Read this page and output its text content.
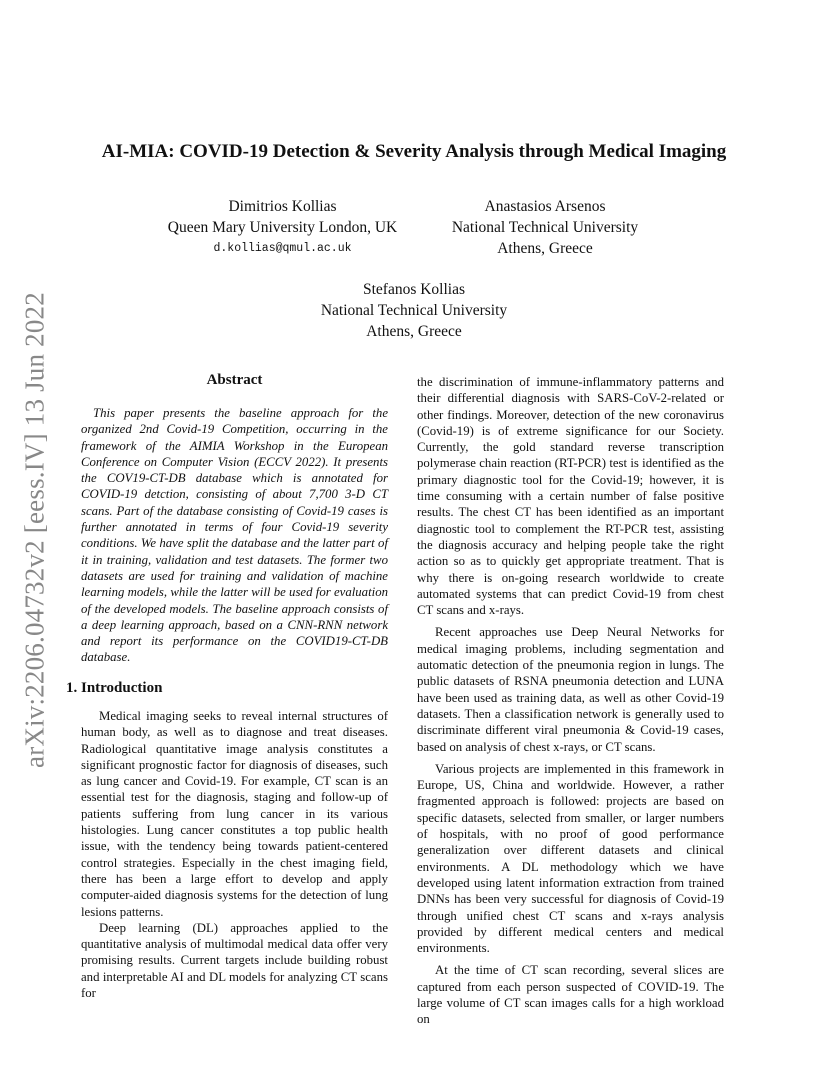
arXiv:2206.04732v2 [eess.IV] 13 Jun 2022
AI-MIA: COVID-19 Detection & Severity Analysis through Medical Imaging
Dimitrios Kollias
Queen Mary University London, UK
d.kollias@qmul.ac.uk
Anastasios Arsenos
National Technical University
Athens, Greece
Stefanos Kollias
National Technical University
Athens, Greece
Abstract

This paper presents the baseline approach for the organized 2nd Covid-19 Competition, occurring in the framework of the AIMIA Workshop in the European Conference on Computer Vision (ECCV 2022). It presents the COV19-CT-DB database which is annotated for COVID-19 detction, consisting of about 7,700 3-D CT scans. Part of the database consisting of Covid-19 cases is further annotated in terms of four Covid-19 severity conditions. We have split the database and the latter part of it in training, validation and test datasets. The former two datasets are used for training and validation of machine learning models, while the latter will be used for evaluation of the developed models. The baseline approach consists of a deep learning approach, based on a CNN-RNN network and report its performance on the COVID19-CT-DB database.

1. Introduction

Medical imaging seeks to reveal internal structures of human body, as well as to diagnose and treat diseases. Radiological quantitative image analysis constitutes a significant prognostic factor for diagnosis of diseases, such as lung cancer and Covid-19. For example, CT scan is an essential test for the diagnosis, staging and follow-up of patients suffering from lung cancer in its various histologies. Lung cancer constitutes a top public health issue, with the tendency being towards patient-centered control strategies. Especially in the chest imaging field, there has been a large effort to develop and apply computer-aided diagnosis systems for the detection of lung lesions patterns.

Deep learning (DL) approaches applied to the quantitative analysis of multimodal medical data offer very promising results. Current targets include building robust and interpretable AI and DL models for analyzing CT scans for

the discrimination of immune-inflammatory patterns and their differential diagnosis with SARS-CoV-2-related or other findings. Moreover, detection of the new coronavirus (Covid-19) is of extreme significance for our Society. Currently, the gold standard reverse transcription polymerase chain reaction (RT-PCR) test is identified as the primary diagnostic tool for the Covid-19; however, it is time consuming with a certain number of false positive results. The chest CT has been identified as an important diagnostic tool to complement the RT-PCR test, assisting the diagnosis accuracy and helping people take the right action so as to quickly get appropriate treatment. That is why there is on-going research worldwide to create automated systems that can predict Covid-19 from chest CT scans and x-rays.

Recent approaches use Deep Neural Networks for medical imaging problems, including segmentation and automatic detection of the pneumonia region in lungs. The public datasets of RSNA pneumonia detection and LUNA have been used as training data, as well as other Covid-19 datasets. Then a classification network is generally used to discriminate different viral pneumonia & Covid-19 cases, based on analysis of chest x-rays, or CT scans.

Various projects are implemented in this framework in Europe, US, China and worldwide. However, a rather fragmented approach is followed: projects are based on specific datasets, selected from smaller, or larger numbers of hospitals, with no proof of good performance generalization over different datasets and clinical environments. A DL methodology which we have developed using latent information extraction from trained DNNs has been very successful for diagnosis of Covid-19 through unified chest CT scans and x-rays analysis provided by different medical centers and medical environments.

At the time of CT scan recording, several slices are captured from each person suspected of COVID-19. The large volume of CT scan images calls for a high workload on
